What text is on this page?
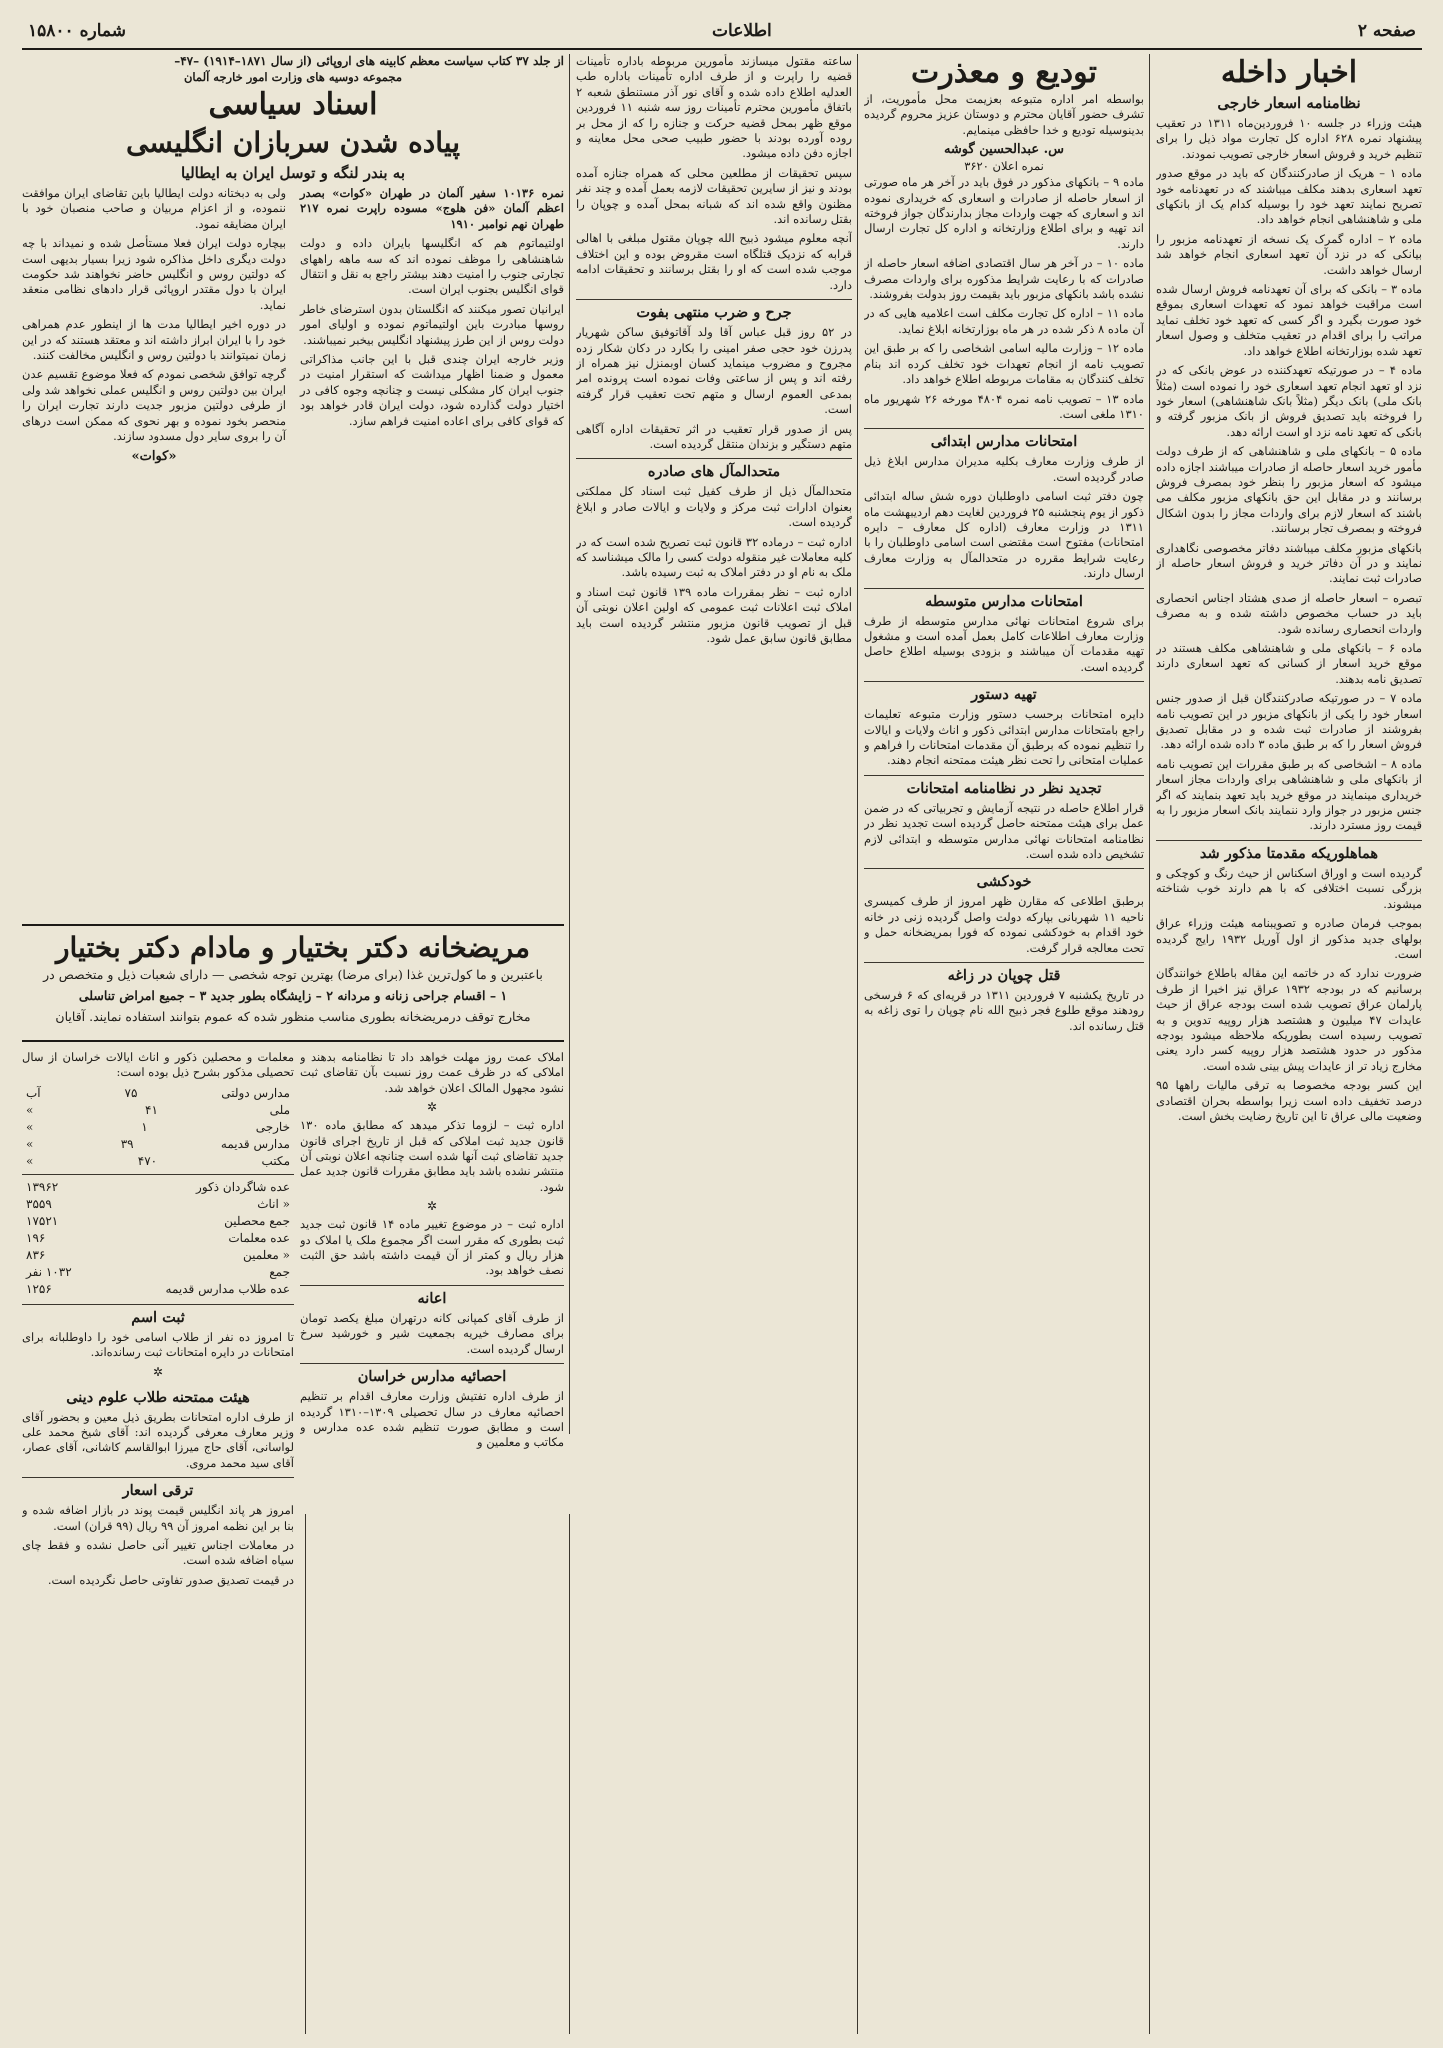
صفحه ۲
اطلاعات
شماره ۱۵۸۰۰
اخبار داخله
نظامنامه اسعار خارجی

هیئت وزراء در جلسه ۱۰ فروردین‌ماه ۱۳۱۱ در تعقیب پیشنهاد نمره ۶۲۸ اداره کل تجارت مواد ذیل را برای تنظیم خرید و فروش اسعار خارجی تصویب نمودند.

ماده ۱ – هریک از صادرکنندگان که باید در موقع صدور تعهد اسعاری بدهند مکلف میباشند که در تعهدنامه خود تصریح نمایند تعهد خود را بوسیله کدام یک از بانکهای ملی و شاهنشاهی انجام خواهد داد.

ماده ۲ – اداره گمرک یک نسخه از تعهدنامه مزبور را بیانکی که در نزد آن تعهد اسعاری انجام خواهد شد ارسال خواهد داشت.

ماده ۳ – بانکی که برای آن تعهدنامه فروش ارسال شده است مراقبت خواهد نمود که تعهدات اسعاری بموقع خود صورت بگیرد و اگر کسی که تعهد خود تخلف نماید مراتب را برای اقدام در تعقیب متخلف و وصول اسعار تعهد شده بوزارتخانه اطلاع خواهد داد.

ماده ۴ – در صورتیکه تعهدکننده در عوض بانکی که در نزد او تعهد انجام تعهد اسعاری خود را نموده است (مثلاً بانک ملی) بانک دیگر (مثلاً بانک شاهنشاهی) اسعار خود را فروخته باید تصدیق فروش از بانک مزبور گرفته و بانکی که تعهد نامه نزد او است ارائه دهد.

ماده ۵ – بانکهای ملی و شاهنشاهی که از طرف دولت مأمور خرید اسعار حاصله از صادرات میباشند اجازه داده میشود که اسعار مزبور را بنظر خود بمصرف فروش برسانند و در مقابل این حق بانکهای مزبور مکلف می باشند که اسعار لازم برای واردات مجاز را بدون اشکال فروخته و بمصرف تجار برسانند.

بانکهای مزبور مکلف میباشند دفاتر مخصوصی نگاهداری نمایند و در آن دفاتر خرید و فروش اسعار حاصله از صادرات ثبت نمایند.

تبصره – اسعار حاصله از صدی هشتاد اجناس انحصاری باید در حساب مخصوص داشته شده و به مصرف واردات انحصاری رسانده شود.

ماده ۶ – بانکهای ملی و شاهنشاهی مکلف هستند در موقع خرید اسعار از کسانی که تعهد اسعاری دارند تصدیق نامه بدهند.

ماده ۷ – در صورتیکه صادرکنندگان قبل از صدور جنس اسعار خود را یکی از بانکهای مزبور در این تصویب نامه بفروشند از صادرات ثبت شده و در مقابل تصدیق فروش اسعار را که بر طبق ماده ۳ داده شده ارائه دهد.

ماده ۸ – اشخاصی که بر طبق مقررات این تصویب نامه از بانکهای ملی و شاهنشاهی برای واردات مجاز اسعار خریداری مینمایند در موقع خرید باید تعهد بنمایند که اگر جنس مزبور در جواز وارد ننمایند بانک اسعار مزبور را به قیمت روز مسترد دارند.

هماهلوریکه مقدمتا مذکور شد

گردیده است و اوراق اسکناس از حیث رنگ و کوچکی و بزرگی نسبت اختلافی که با هم دارند خوب شناخته میشوند.

بموجب فرمان صادره و تصویبنامه هیئت وزراء عراق بولهای جدید مذکور از اول آوریل ۱۹۳۲ رایج گردیده است.

ضرورت ندارد که در خاتمه این مقاله باطلاع خوانندگان برسانیم که در بودجه ۱۹۳۲ عراق نیز اخیرا از طرف پارلمان عراق تصویب شده است بودجه عراق از حیث عایدات ۴۷ میلیون و هشتصد هزار روپیه تدوین و به تصویب رسیده است بطوریکه ملاحظه میشود بودجه مذکور در حدود هشتصد هزار روپیه کسر دارد یعنی مخارج زیاد تر از عایدات پیش بینی شده است.

این کسر بودجه مخصوصا به ترقی مالیات راهها ۹۵ درصد تخفیف داده است زیرا بواسطه بحران اقتصادی وضعیت مالی عراق تا این تاریخ رضایت بخش است.

تودیع و معذرت

بواسطه امر اداره متبوعه بعزیمت محل مأموریت، از تشرف حضور آقایان محترم و دوستان عزیز محروم گردیده بدینوسیله تودیع و خدا حافظی مینمایم.

س. عبدالحسین گوشه
نمره اعلان ۳۶۲۰

ماده ۹ – بانکهای مذکور در فوق باید در آخر هر ماه صورتی از اسعار حاصله از صادرات و اسعاری که خریداری نموده اند و اسعاری که جهت واردات مجاز بدارندگان جواز فروخته اند تهیه و برای اطلاع وزارتخانه و اداره کل تجارت ارسال دارند.

ماده ۱۰ – در آخر هر سال اقتصادی اضافه اسعار حاصله از صادرات که با رعایت شرایط مذکوره برای واردات مصرف نشده باشد بانکهای مزبور باید بقیمت روز بدولت بفروشند.

ماده ۱۱ – اداره کل تجارت مکلف است اعلامیه هایی که در آن ماده ۸ ذکر شده در هر ماه بوزارتخانه ابلاغ نماید.

ماده ۱۲ – وزارت مالیه اسامی اشخاصی را که بر طبق این تصویب نامه از انجام تعهدات خود تخلف کرده اند بنام تخلف کنندگان به مقامات مربوطه اطلاع خواهد داد.

ماده ۱۳ – تصویب نامه نمره ۴۸۰۴ مورخه ۲۶ شهریور ماه ۱۳۱۰ ملغی است.

امتحانات مدارس ابتدائی

از طرف وزارت معارف بکلیه مدیران مدارس ابلاغ ذیل صادر گردیده است.

چون دفتر ثبت اسامی داوطلبان دوره شش ساله ابتدائی ذکور از یوم پنجشنبه ۲۵ فروردین لغایت دهم اردیبهشت ماه ۱۳۱۱ در وزارت معارف (اداره کل معارف – دایره امتحانات) مفتوح است مقتضی است اسامی داوطلبان را با رعایت شرایط مقرره در متحدالمآل به وزارت معارف ارسال دارند.

امتحانات مدارس متوسطه

برای شروع امتحانات نهائی مدارس متوسطه از طرف وزارت معارف اطلاعات کامل بعمل آمده است و مشغول تهیه مقدمات آن میباشند و بزودی بوسیله اطلاع حاصل گردیده است.

تهیه دستور

دایره امتحانات برحسب دستور وزارت متبوعه تعلیمات راجع بامتحانات مدارس ابتدائی ذکور و اناث ولایات و ایالات را تنظیم نموده که برطبق آن مقدمات امتحانات را فراهم و عملیات امتحانی را تحت نظر هیئت ممتحنه انجام دهند.

تجدید نظر در نظامنامه امتحانات

قرار اطلاع حاصله در نتیجه آزمایش و تجربیاتی که در ضمن عمل برای هیئت ممتحنه حاصل گردیده است تجدید نظر در نظامنامه امتحانات نهائی مدارس متوسطه و ابتدائی لازم تشخیص داده شده است.

خودکشی

برطبق اطلاعی که مقارن ظهر امروز از طرف کمیسری ناحیه ۱۱ شهربانی بپارکه دولت واصل گردیده زنی در خانه خود اقدام به خودکشی نموده که فورا بمریضخانه حمل و تحت معالجه قرار گرفت.

قتل چوپان در زاغه

در تاریخ یکشنبه ۷ فروردین ۱۳۱۱ در قریه‌ای که ۶ فرسخی رودهند موقع طلوع فجر ذبیح الله نام چوپان را توی زاغه به قتل رسانده اند.

ساعته مقتول میسازند مأمورین مربوطه باداره تأمینات قضیه را راپرت و از طرف اداره تأمینات باداره طب العدلیه اطلاع داده شده و آقای نور آذر مستنطق شعبه ۲ باتفاق مأمورین محترم تأمینات روز سه شنبه ۱۱ فروردین موقع ظهر بمحل قضیه حرکت و جنازه را که از محل بر روده آورده بودند با حضور طبیب صحی محل معاینه و اجازه دفن داده میشود.

سپس تحقیقات از مطلعین محلی که همراه جنازه آمده بودند و نیز از سایرین تحقیقات لازمه بعمل آمده و چند نفر مظنون واقع شده اند که شبانه بمحل آمده و چوپان را بقتل رسانده اند.

آنچه معلوم میشود ذبیح الله چوپان مقتول مبلغی با اهالی قرابه که نزدیک قتلگاه است مقروض بوده و این اختلاف موجب شده است که او را بقتل برسانند و تحقیقات ادامه دارد.

جرح و ضرب منتهی بفوت

در ۵۲ روز قبل عباس آقا ولد آقاتوفیق ساکن شهریار پدرزن خود حجی صفر امینی را بکارد در دکان شکار زده مجروح و مضروب مینماید کسان اوبمنزل نیز همراه از رفته اند و پس از ساعتی وفات نموده است پرونده امر بمدعی العموم ارسال و متهم تحت تعقیب قرار گرفته است.

پس از صدور قرار تعقیب در اثر تحقیقات اداره آگاهی متهم دستگیر و بزندان منتقل گردیده است.

متحدالمآل های صادره

متحدالمآل ذیل از طرف کفیل ثبت اسناد کل مملکتی بعنوان ادارات ثبت مرکز و ولایات و ایالات صادر و ابلاغ گردیده است.

اداره ثبت – درماده ۳۲ قانون ثبت تصریح شده است که در کلیه معاملات غیر منقوله دولت کسی را مالک میشناسد که ملک به نام او در دفتر املاک به ثبت رسیده باشد.

اداره ثبت – نظر بمقررات ماده ۱۳۹ قانون ثبت اسناد و املاک ثبت اعلانات ثبت عمومی که اولین اعلان نوبتی آن قبل از تصویب قانون مزبور منتشر گردیده است باید مطابق قانون سابق عمل شود.

از جلد ۳۷ کتاب سیاست معظم کابینه های اروپائی (از سال ۱۸۷۱–۱۹۱۴) –۴۷–
مجموعه دوسیه های وزارت امور خارجه آلمان
اسناد سیاسی
پیاده شدن سربازان انگلیسی
به بندر لنگه و توسل ایران به ایطالیا

نمره ۱۰۱۳۶ سفیر آلمان در طهران «کوات» بصدر اعظم آلمان «فن هلوج» مسوده راپرت نمره ۲۱۷ طهران نهم نوامبر ۱۹۱۰

اولتیماتوم هم که انگلیسها بایران داده و دولت شاهنشاهی را موظف نموده اند که سه ماهه راههای تجارتی جنوب را امنیت دهند بیشتر راجع به نقل و انتقال قوای انگلیس بجنوب ایران است.

ایرانیان تصور میکنند که انگلستان بدون استرضای خاطر روسها مبادرت باین اولتیماتوم نموده و اولیای امور دولت روس از این طرز پیشنهاد انگلیس بیخبر نمیباشند.

وزیر خارجه ایران چندی قبل با این جانب مذاکراتی معمول و ضمنا اظهار میداشت که استقرار امنیت در جنوب ایران کار مشکلی نیست و چنانچه وجوه کافی در اختیار دولت گذارده شود، دولت ایران قادر خواهد بود که قوای کافی برای اعاده امنیت فراهم سازد.

ولی به دبختانه دولت ایطالیا باین تقاضای ایران موافقت ننموده، و از اعزام مربیان و صاحب منصبان خود با ایران مضایقه نمود.

بیچاره دولت ایران فعلا مستأصل شده و نمیداند با چه دولت دیگری داخل مذاکره شود زیرا بسیار بدیهی است که دولتین روس و انگلیس حاضر نخواهند شد حکومت ایران با دول مقتدر اروپائی قرار داد‌های نظامی منعقد نماید.

در دوره اخیر ایطالیا مدت ها از اینطور عدم همراهی خود را با ایران ابراز داشته اند و معتقد هستند که در این زمان نمیتوانند با دولتین روس و انگلیس مخالفت کنند.

گرچه توافق شخصی نمودم که فعلا موضوع تقسیم عدن ایران بین دولتین روس و انگلیس عملی نخواهد شد ولی از طرفی دولتین مزبور جدیت دارند تجارت ایران را منحصر بخود نموده و بهر نحوی که ممکن است درهای آن را بروی سایر دول مسدود سازند.

«کوات»
مریضخانه دکتر بختیار و مادام دکتر بختیار

باعتبرین و ما کول‌ترین غذا (برای مرضا) بهترین توجه شخصی — دارای شعبات ذیل و متخصص در

۱ – اقسام جراحی زنانه و مردانه ۲ – زایشگاه بطور جدید ۳ – جمیع امراض تناسلی

مخارج توقف درمریضخانه بطوری مناسب منظور شده که عموم بتوانند استفاده نمایند. آقایان

املاک عمت روز مهلت خواهد داد تا نظامنامه بدهند و املاکی که در ظرف عمت روز نسبت بآن تقاضای ثبت نشود مجهول المالک اعلان خواهد شد.

✲

اداره ثبت – لزوما تذکر میدهد که مطابق ماده ۱۳۰ قانون جدید ثبت املاکی که قبل از تاریخ اجرای قانون جدید تقاضای ثبت آنها شده است چنانچه اعلان نوبتی آن منتشر نشده باشد باید مطابق مقررات قانون جدید عمل شود.

✲

اداره ثبت – در موضوع تغییر ماده ۱۴ قانون ثبت جدید ثبت بطوری که مقرر است اگر مجموع ملک یا املاک دو هزار ریال و کمتر از آن قیمت داشته باشد حق الثبت نصف خواهد بود.

اعانه

از طرف آقای کمپانی کانه درتهران مبلغ یکصد تومان برای مصارف خیریه بجمعیت شیر و خورشید سرخ ارسال گردیده است.

احصائیه مدارس خراسان

از طرف اداره تفتیش وزارت معارف اقدام بر تنظیم احصائیه معارف در سال تحصیلی ۱۳۰۹–۱۳۱۰ گردیده است و مطابق صورت تنظیم شده عده مدارس و مکاتب و معلمین و

معلمات و محصلین ذکور و اناث ایالات خراسان از سال تحصیلی مذکور بشرح ذیل بوده است:

مدارس دولتی
۷۵
آب
ملی
۴۱
»
خارجی
۱
»
مدارس قدیمه
۳۹
»
مکتب
۴۷۰
»
عده شاگردان ذکور
۱۳۹۶۲
« اناث
۳۵۵۹
جمع محصلین
۱۷۵۲۱
عده معلمات
۱۹۶
« معلمین
۸۳۶
جمع
۱۰۳۲ نفر
عده طلاب مدارس قدیمه
۱۲۵۶
ثبت اسم

تا امروز ده نفر از طلاب اسامی خود را داوطلبانه برای امتحانات در دایره امتحانات ثبت رسانده‌اند.

✲
هیئت ممتحنه طلاب علوم دینی

از طرف اداره امتحانات بطریق ذیل معین و بحضور آقای وزیر معارف معرفی گردیده اند: آقای شیخ محمد علی لواسانی، آقای حاج میرزا ابوالقاسم کاشانی، آقای عصار، آقای سید محمد مروی.

ترقی اسعار

امروز هر پاند انگلیس قیمت پوند در بازار اضافه شده و بنا بر این نظمه امروز آن ۹۹ ریال (۹۹ قران) است.

در معاملات اجناس تغییر آنی حاصل نشده و فقط چای سیاه اضافه شده است.

در قیمت تصدیق صدور تفاوتی حاصل نگردیده است.
